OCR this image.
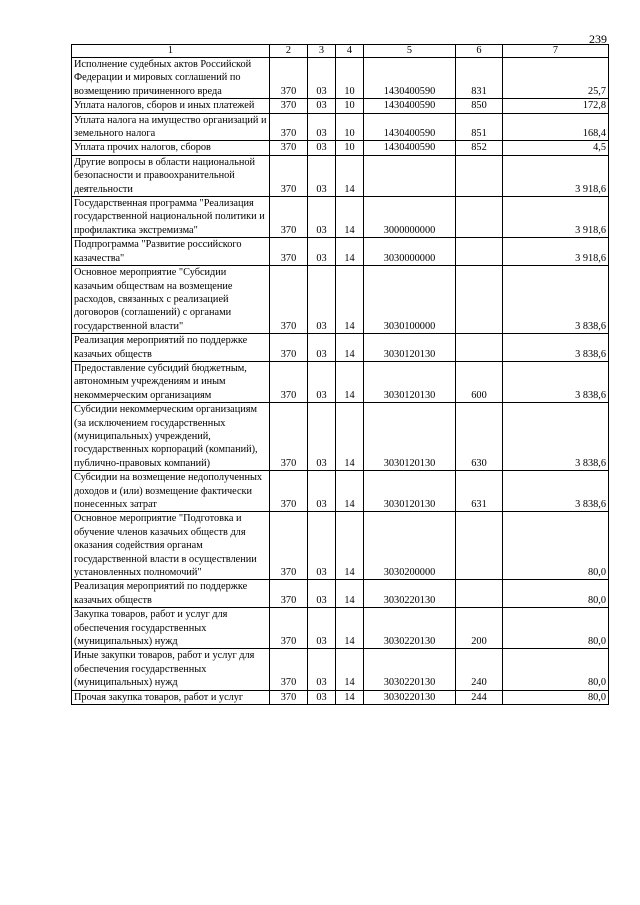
239
1	2	3	4	5	6	7
Исполнение судебных актов Российской Федерации и мировых соглашений по возмещению причиненного вреда	370	03	10	1430400590	831	25,7
Уплата налогов, сборов и иных платежей	370	03	10	1430400590	850	172,8
Уплата налога на имущество организаций и земельного налога	370	03	10	1430400590	851	168,4
Уплата прочих налогов, сборов	370	03	10	1430400590	852	4,5
Другие вопросы в области национальной безопасности и правоохранительной деятельности	370	03	14			3 918,6
Государственная программа "Реализация государственной национальной политики и профилактика экстремизма"	370	03	14	3000000000		3 918,6
Подпрограмма "Развитие российского казачества"	370	03	14	3030000000		3 918,6
Основное мероприятие "Субсидии казачьим обществам на возмещение расходов, связанных с реализацией договоров (соглашений) с органами государственной власти"	370	03	14	3030100000		3 838,6
Реализация мероприятий по поддержке казачьих обществ	370	03	14	3030120130		3 838,6
Предоставление субсидий бюджетным, автономным учреждениям и иным некоммерческим организациям	370	03	14	3030120130	600	3 838,6
Субсидии некоммерческим организациям (за исключением государственных (муниципальных) учреждений, государственных корпораций (компаний), публично-правовых компаний)	370	03	14	3030120130	630	3 838,6
Субсидии на возмещение недополученных доходов и (или) возмещение фактически понесенных затрат	370	03	14	3030120130	631	3 838,6
Основное мероприятие "Подготовка и обучение членов казачьих обществ для оказания содействия органам государственной власти в осуществлении установленных полномочий"	370	03	14	3030200000		80,0
Реализация мероприятий по поддержке казачьих обществ	370	03	14	3030220130		80,0
Закупка товаров, работ и услуг для обеспечения государственных (муниципальных) нужд	370	03	14	3030220130	200	80,0
Иные закупки товаров, работ и услуг для обеспечения государственных (муниципальных) нужд	370	03	14	3030220130	240	80,0
Прочая закупка товаров, работ и услуг	370	03	14	3030220130	244	80,0
